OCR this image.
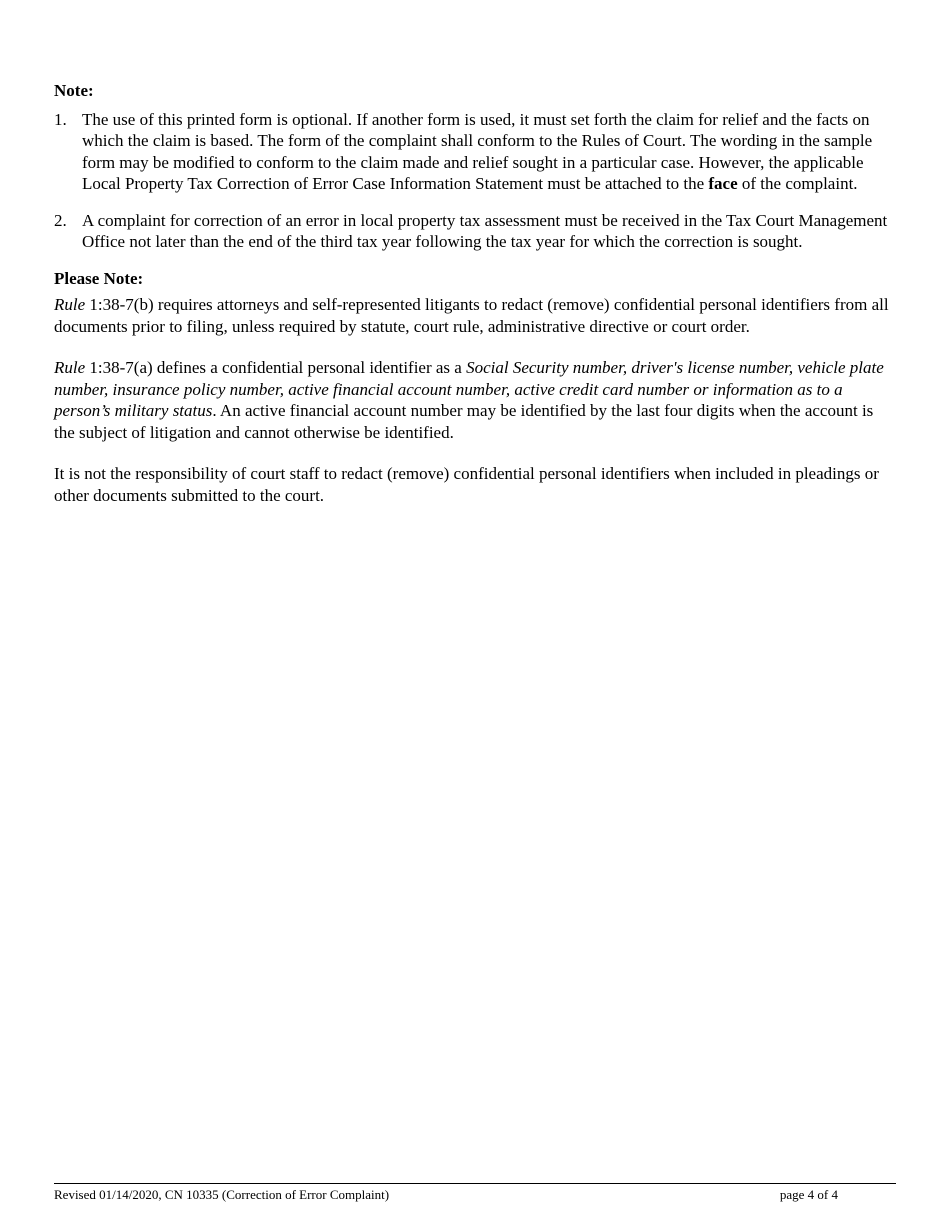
Note:
1. The use of this printed form is optional. If another form is used, it must set forth the claim for relief and the facts on which the claim is based. The form of the complaint shall conform to the Rules of Court. The wording in the sample form may be modified to conform to the claim made and relief sought in a particular case. However, the applicable Local Property Tax Correction of Error Case Information Statement must be attached to the face of the complaint.
2. A complaint for correction of an error in local property tax assessment must be received in the Tax Court Management Office not later than the end of the third tax year following the tax year for which the correction is sought.
Please Note:

Rule 1:38-7(b) requires attorneys and self-represented litigants to redact (remove) confidential personal identifiers from all documents prior to filing, unless required by statute, court rule, administrative directive or court order.

Rule 1:38-7(a) defines a confidential personal identifier as a Social Security number, driver's license number, vehicle plate number, insurance policy number, active financial account number, active credit card number or information as to a person’s military status. An active financial account number may be identified by the last four digits when the account is the subject of litigation and cannot otherwise be identified.

It is not the responsibility of court staff to redact (remove) confidential personal identifiers when included in pleadings or other documents submitted to the court.

Revised 01/14/2020, CN 10335 (Correction of Error Complaint)	page 4 of 4
